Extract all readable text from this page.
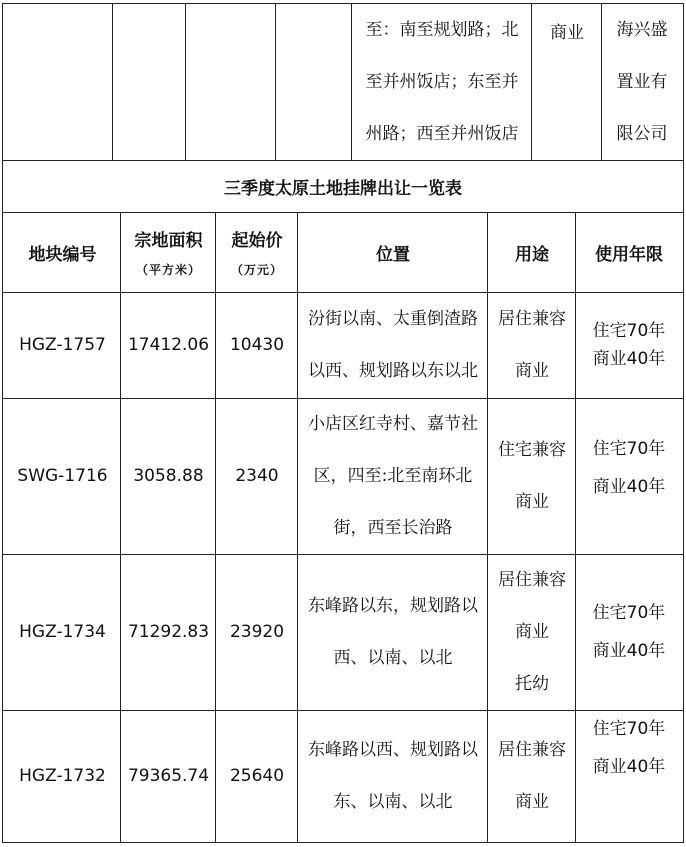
至：南至规划路；北
至并州饭店；东至并
州路；西至并州饭店
商业 海兴盛
置业有
限公司
三季度太原土地挂牌出让一览表
地块编号
宗地面积
（平方米）
起始价
（万元）
位置	用途	使用年限
HGZ-1757 17412.06 10430
汾街以南、太重倒渣路
以西、规划路以东以北
居住兼容
商业
住宅70年
商业40年
SWG-1716 3058.88 2340
小店区红寺村、嘉节社
区，四至:北至南环北
街，西至长治路
住宅兼容
商业
住宅70年
商业40年
HGZ-1734 71292.83 23920
东峰路以东，规划路以
西、以南、以北
居住兼容
商业
托幼
住宅70年
商业40年
HGZ-1732 79365.74 25640
东峰路以西、规划路以
东、以南、以北
居住兼容
商业
住宅70年
商业40年
